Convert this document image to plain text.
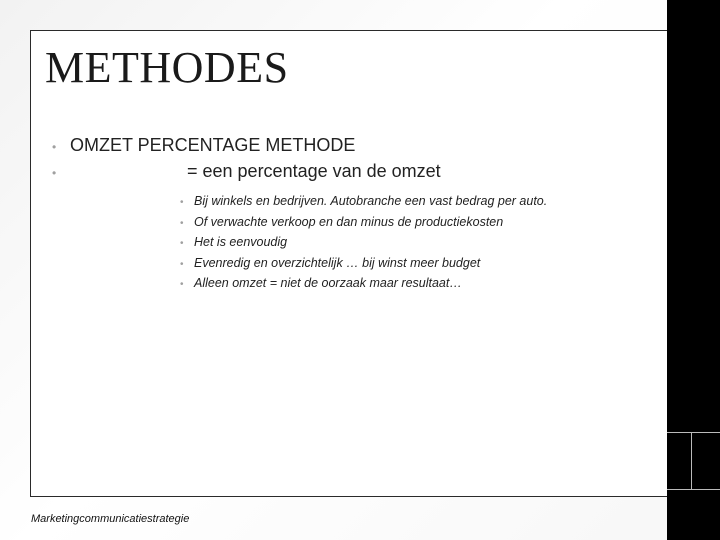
METHODES
• OMZET PERCENTAGE METHODE
•	= een percentage van de omzet
• Bij winkels en bedrijven. Autobranche een vast bedrag per auto.
• Of verwachte verkoop en dan minus de productiekosten
• Het is eenvoudig
• Evenredig en overzichtelijk … bij winst meer budget
• Alleen omzet = niet de oorzaak maar resultaat…
Marketingcommunicatiestrategie
